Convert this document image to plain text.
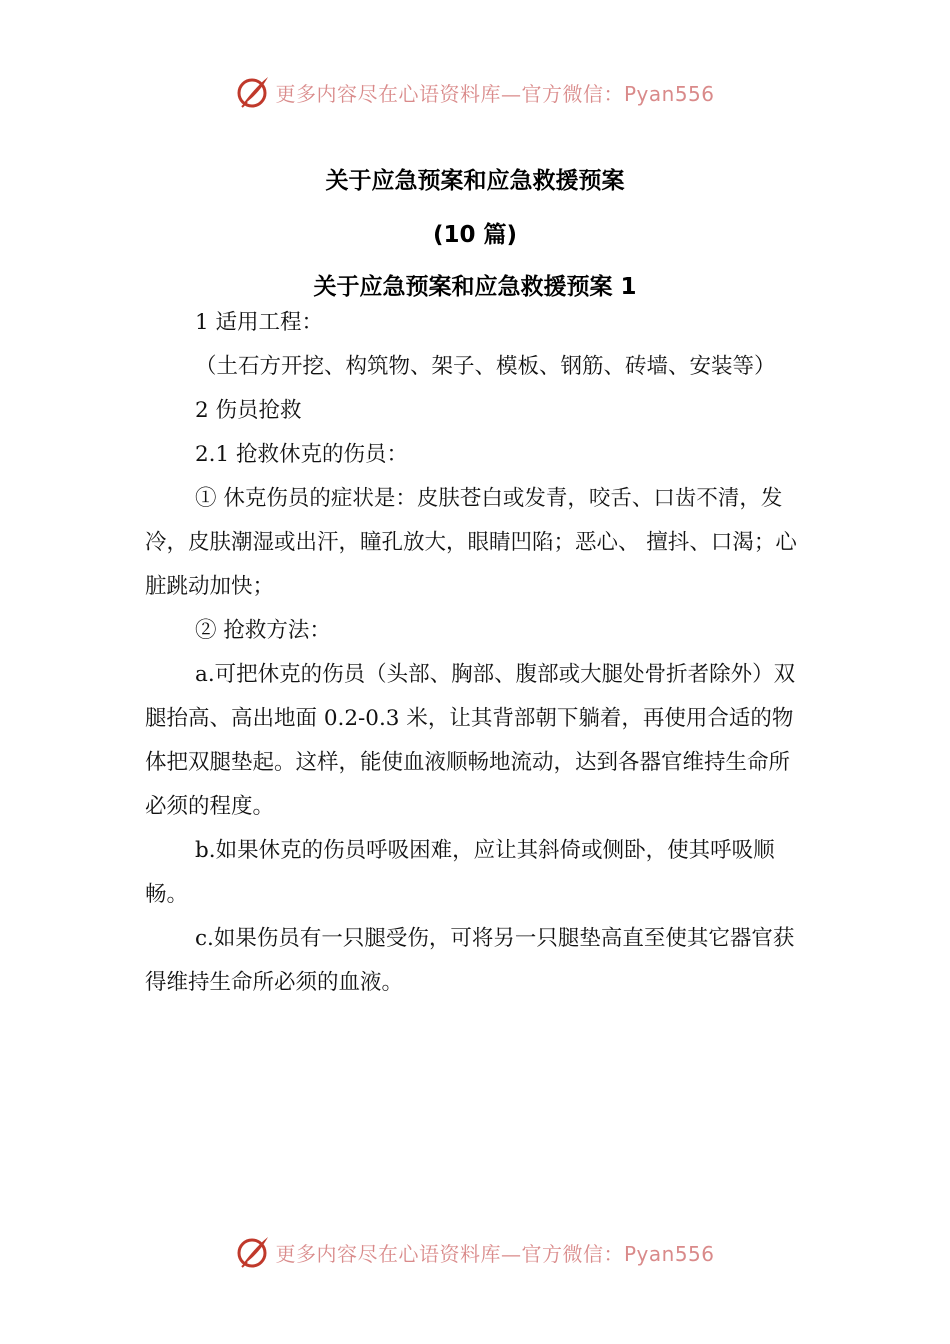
更多内容尽在心语资料库—官方微信：Pyan556
关于应急预案和应急救援预案
(10 篇)
关于应急预案和应急救援预案 1

1 适用工程：

（土石方开挖、构筑物、架子、模板、钢筋、砖墙、安装等）

2 伤员抢救

2.1 抢救休克的伤员：

① 休克伤员的症状是：皮肤苍白或发青，咬舌、口齿不清，发冷，皮肤潮湿或出汗，瞳孔放大，眼睛凹陷；恶心、 擅抖、口渴；心脏跳动加快；

② 抢救方法：

a.可把休克的伤员（头部、胸部、腹部或大腿处骨折者除外）双腿抬高、高出地面 0.2-0.3 米，让其背部朝下躺着，再使用合适的物体把双腿垫起。这样，能使血液顺畅地流动，达到各器官维持生命所必须的程度。

b.如果休克的伤员呼吸困难，应让其斜倚或侧卧，使其呼吸顺畅。

c.如果伤员有一只腿受伤，可将另一只腿垫高直至使其它器官获得维持生命所必须的血液。

更多内容尽在心语资料库—官方微信：Pyan556
